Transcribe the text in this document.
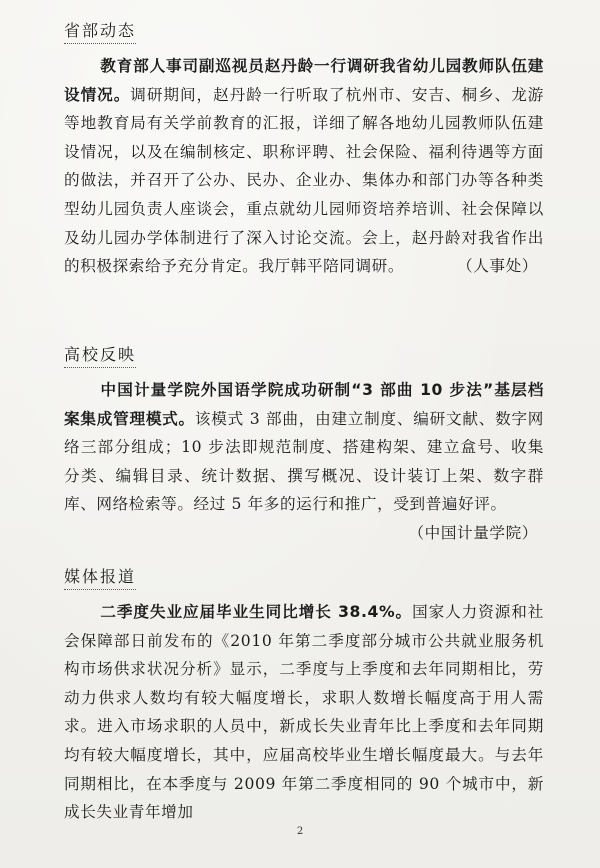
省部动态
教育部人事司副巡视员赵丹龄一行调研我省幼儿园教师队伍建设情况。调研期间，赵丹龄一行听取了杭州市、安吉、桐乡、龙游等地教育局有关学前教育的汇报，详细了解各地幼儿园教师队伍建设情况，以及在编制核定、职称评聘、社会保险、福利待遇等方面的做法，并召开了公办、民办、企业办、集体办和部门办等各种类型幼儿园负责人座谈会，重点就幼儿园师资培养培训、社会保障以及幼儿园办学体制进行了深入讨论交流。会上，赵丹龄对我省作出的积极探索给予充分肯定。我厅韩平陪同调研。	（人事处）
高校反映
中国计量学院外国语学院成功研制“3 部曲 10 步法”基层档案集成管理模式。该模式 3 部曲，由建立制度、编研文献、数字网络三部分组成；10 步法即规范制度、搭建构架、建立盒号、收集分类、编辑目录、统计数据、撰写概况、设计装订上架、数字群库、网络检索等。经过 5 年多的运行和推广，受到普遍好评。
（中国计量学院）
媒体报道
二季度失业应届毕业生同比增长 38.4%。国家人力资源和社会保障部日前发布的《2010 年第二季度部分城市公共就业服务机构市场供求状况分析》显示，二季度与上季度和去年同期相比，劳动力供求人数均有较大幅度增长，求职人数增长幅度高于用人需求。进入市场求职的人员中，新成长失业青年比上季度和去年同期均有较大幅度增长，其中，应届高校毕业生增长幅度最大。与去年同期相比，在本季度与 2009 年第二季度相同的 90 个城市中，新成长失业青年增加
2
